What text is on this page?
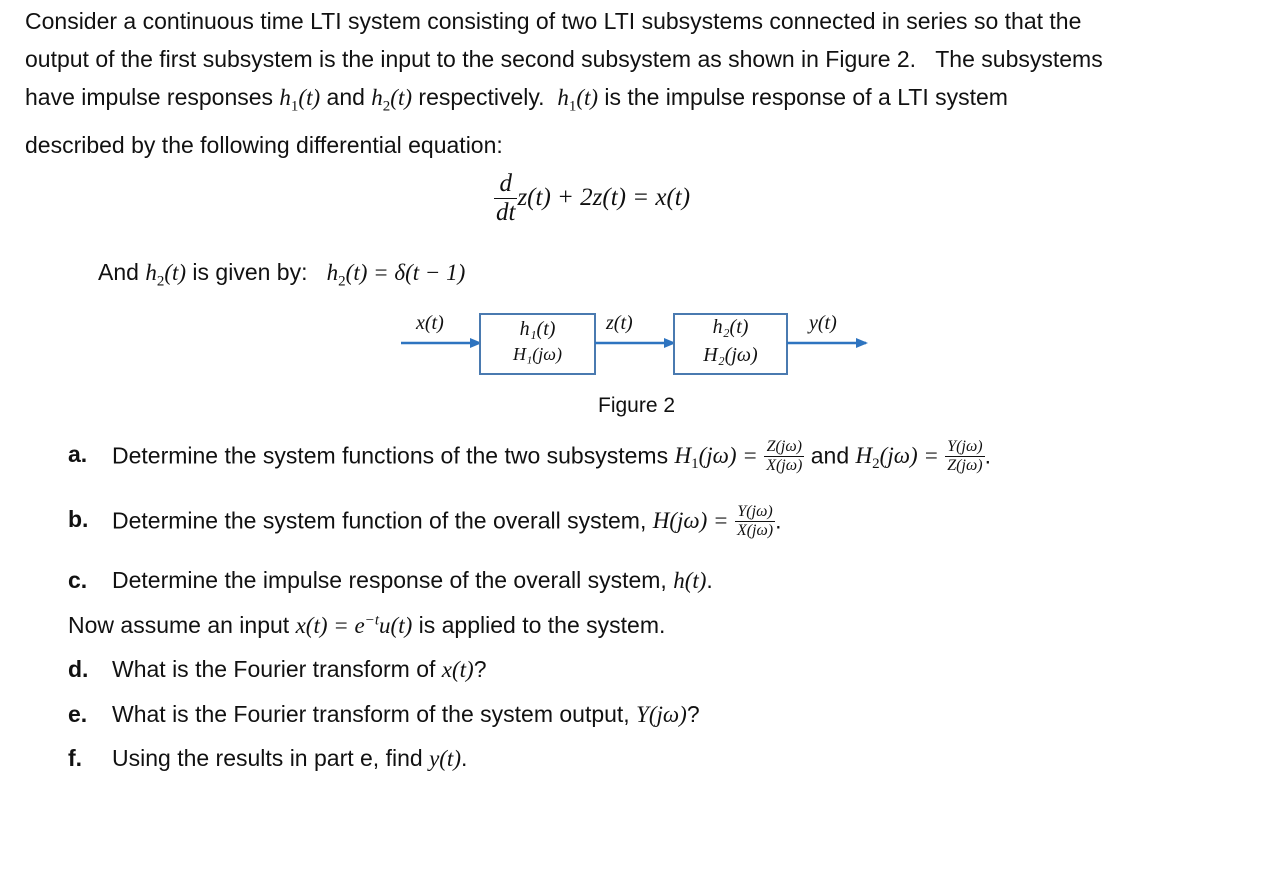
Consider a continuous time LTI system consisting of two LTI subsystems connected in series so that the
output of the first subsystem is the input to the second subsystem as shown in Figure 2. The subsystems
have impulse responses $h_1(t)$ and $h_2(t)$ respectively. $h_1(t)$ is the impulse response of a LTI system
described by the following differential equation:
$\frac{d}{dt} z(t) + 2z(t) = x(t)$
And $h_2(t)$ is given by: $h_2(t) = \delta(t - 1)$
x(t)	z(t)	y(t)
h₁(t)
H₁(jω)
h₂(t)
H₂(jω)
Figure 2
a. Determine the system functions of the two subsystems $H_1(j\omega) = \frac{Z(j\omega)}{X(j\omega)}$ and $H_2(j\omega) = \frac{Y(j\omega)}{Z(j\omega)}$ .
b. Determine the system function of the overall system, $H(j\omega) = \frac{Y(j\omega)}{X(j\omega)}$ .
c. Determine the impulse response of the overall system, h(t).
Now assume an input $x(t) = e^{-t}u(t)$ is applied to the system.
d. What is the Fourier transform of x(t)?
e. What is the Fourier transform of the system output, Y(jω)?
f. Using the results in part e, find y(t).
